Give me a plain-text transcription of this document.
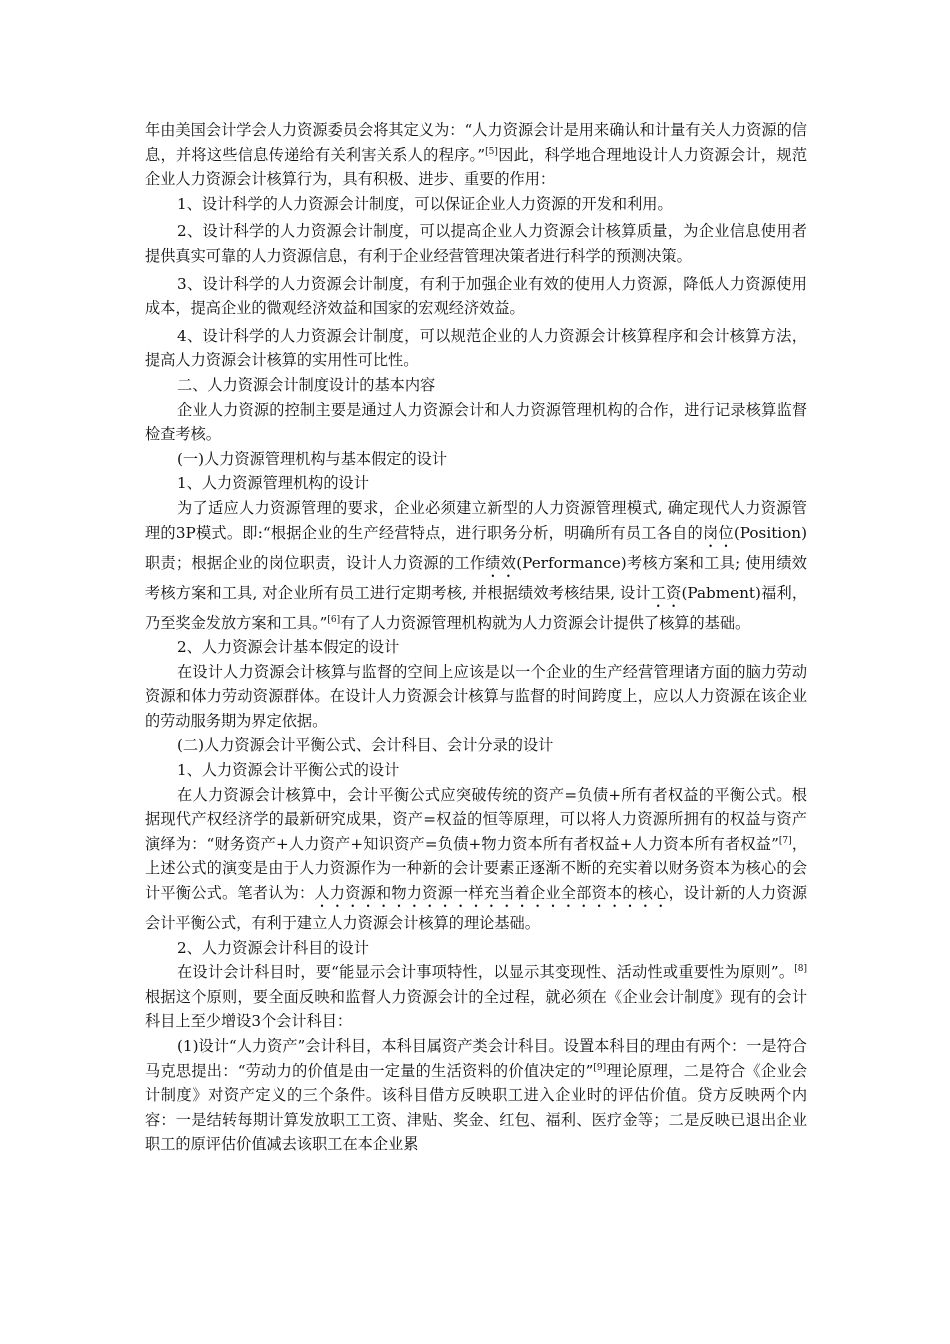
年由美国会计学会人力资源委员会将其定义为：“人力资源会计是用来确认和计量有关人力资源的信息，并将这些信息传递给有关利害关系人的程序。”[5]因此，科学地合理地设计人力资源会计，规范企业人力资源会计核算行为，具有积极、进步、重要的作用：

1、设计科学的人力资源会计制度，可以保证企业人力资源的开发和利用。

2、设计科学的人力资源会计制度，可以提高企业人力资源会计核算质量，为企业信息使用者提供真实可靠的人力资源信息，有利于企业经营管理决策者进行科学的预测决策。

3、设计科学的人力资源会计制度，有利于加强企业有效的使用人力资源，降低人力资源使用成本，提高企业的微观经济效益和国家的宏观经济效益。

4、设计科学的人力资源会计制度，可以规范企业的人力资源会计核算程序和会计核算方法，提高人力资源会计核算的实用性可比性。

二、人力资源会计制度设计的基本内容

企业人力资源的控制主要是通过人力资源会计和人力资源管理机构的合作，进行记录核算监督检查考核。

(一)人力资源管理机构与基本假定的设计

1、人力资源管理机构的设计

为了适应人力资源管理的要求，企业必须建立新型的人力资源管理模式, 确定现代人力资源管理的3P模式。即:“根据企业的生产经营特点，进行职务分析，明确所有员工各自的岗位(Position)职责；根据企业的岗位职责，设计人力资源的工作绩效(Performance)考核方案和工具; 使用绩效考核方案和工具, 对企业所有员工进行定期考核, 并根据绩效考核结果, 设计工资(Pabment)福利，乃至奖金发放方案和工具。”[6]有了人力资源管理机构就为人力资源会计提供了核算的基础。

2、人力资源会计基本假定的设计

在设计人力资源会计核算与监督的空间上应该是以一个企业的生产经营管理诸方面的脑力劳动资源和体力劳动资源群体。在设计人力资源会计核算与监督的时间跨度上，应以人力资源在该企业的劳动服务期为界定依据。

(二)人力资源会计平衡公式、会计科目、会计分录的设计

1、人力资源会计平衡公式的设计

在人力资源会计核算中，会计平衡公式应突破传统的资产=负债+所有者权益的平衡公式。根据现代产权经济学的最新研究成果，资产=权益的恒等原理，可以将人力资源所拥有的权益与资产演绎为：“财务资产+人力资产+知识资产=负债+物力资本所有者权益+人力资本所有者权益”[7]，上述公式的演变是由于人力资源作为一种新的会计要素正逐渐不断的充实着以财务资本为核心的会计平衡公式。笔者认为：人力资源和物力资源一样充当着企业全部资本的核心，设计新的人力资源会计平衡公式，有利于建立人力资源会计核算的理论基础。

2、人力资源会计科目的设计

在设计会计科目时，要“能显示会计事项特性，以显示其变现性、活动性或重要性为原则”。[8]根据这个原则，要全面反映和监督人力资源会计的全过程，就必须在《企业会计制度》现有的会计科目上至少增设3个会计科目：

(1)设计“人力资产”会计科目，本科目属资产类会计科目。设置本科目的理由有两个：一是符合马克思提出：“劳动力的价值是由一定量的生活资料的价值决定的”[9]理论原理，二是符合《企业会计制度》对资产定义的三个条件。该科目借方反映职工进入企业时的评估价值。贷方反映两个内容：一是结转每期计算发放职工工资、津贴、奖金、红包、福利、医疗金等；二是反映已退出企业职工的原评估价值减去该职工在本企业累
